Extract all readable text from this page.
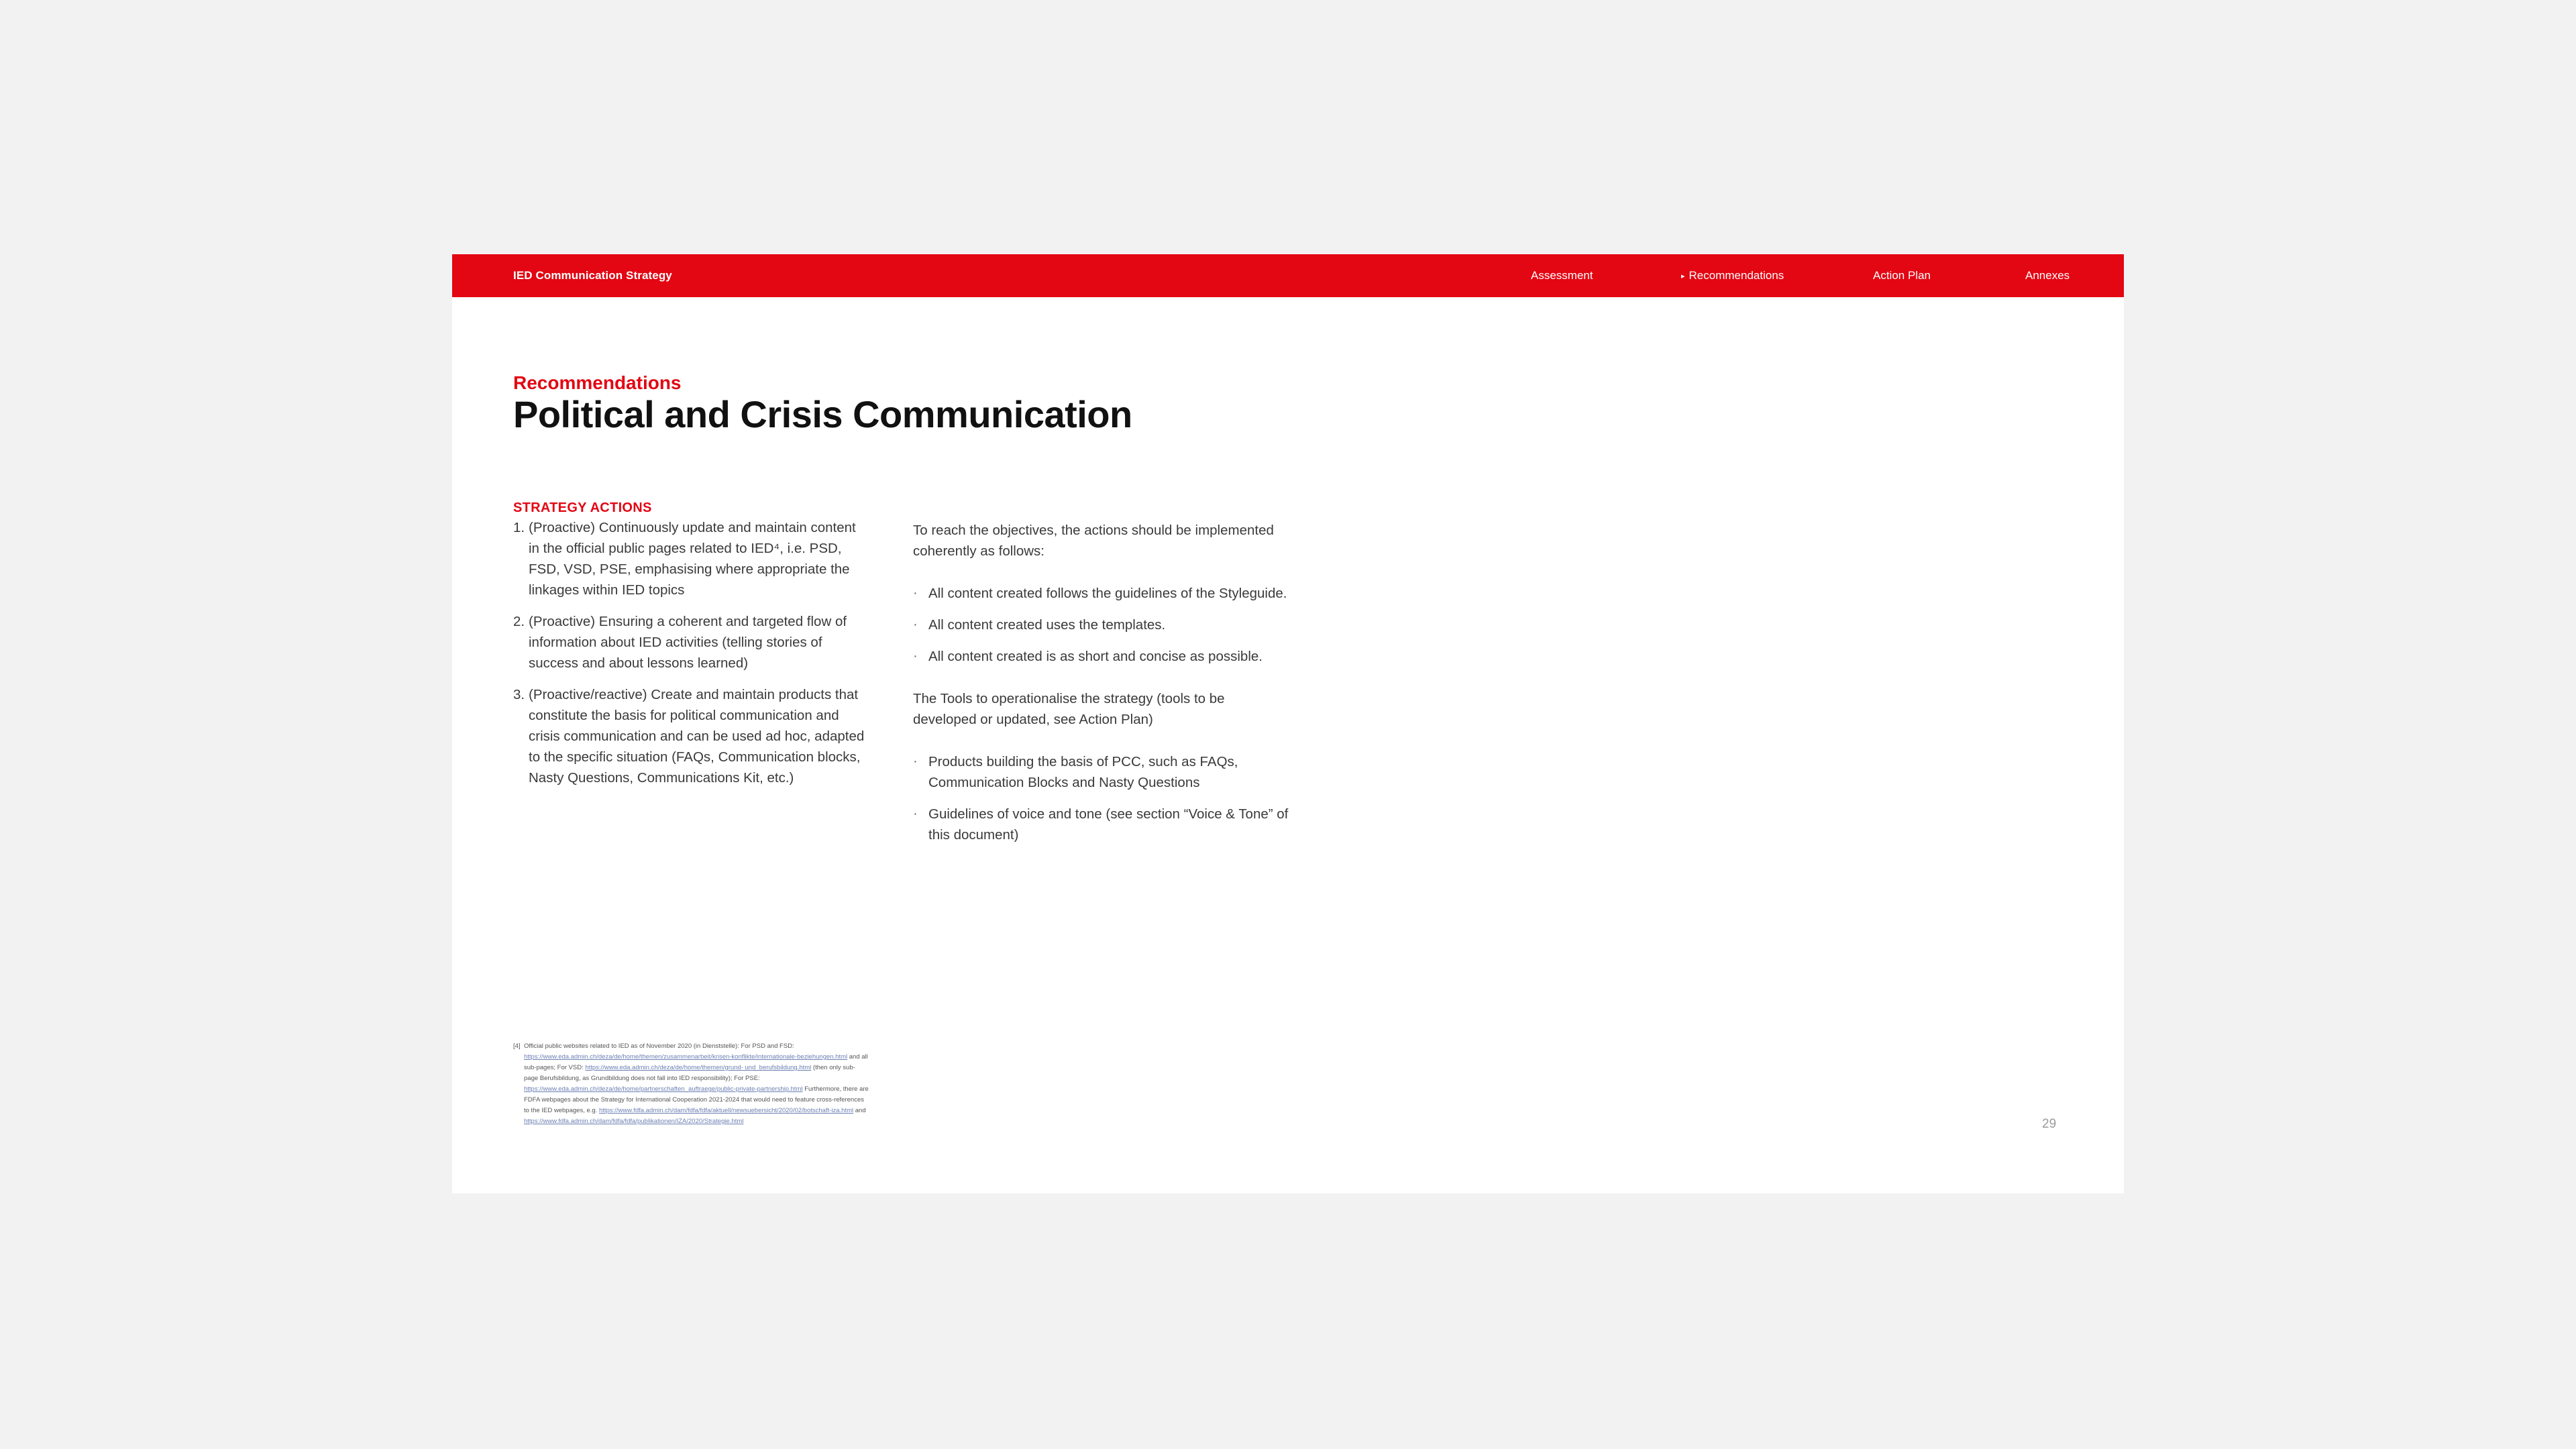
IED Communication Strategy	Assessment	▸ Recommendations	Action Plan	Annexes
Recommendations
Political and Crisis Communication
STRATEGY ACTIONS
1. (Proactive) Continuously update and maintain content in the official public pages related to IED⁴, i.e. PSD, FSD, VSD, PSE, emphasising where appropriate the linkages within IED topics
2. (Proactive) Ensuring a coherent and targeted flow of information about IED activities (telling stories of success and about lessons learned)
3. (Proactive/reactive) Create and maintain products that constitute the basis for political communication and crisis communication and can be used ad hoc, adapted to the specific situation (FAQs, Communication blocks, Nasty Questions, Communications Kit, etc.)

To reach the objectives, the actions should be implemented coherently as follows:

· All content created follows the guidelines of the Styleguide.
· All content created uses the templates.
· All content created is as short and concise as possible.

The Tools to operationalise the strategy (tools to be developed or updated, see Action Plan)

· Products building the basis of PCC, such as FAQs, Communication Blocks and Nasty Questions
· Guidelines of voice and tone (see section “Voice & Tone” of this document)
[4] Official public websites related to IED as of November 2020 (in Dienststelle): For PSD and FSD: https://www.eda.admin.ch/deza/de/home/themen/zusammenarbeit/krisen-konflikte/internationale-beziehungen.html and all sub-pages; For VSD: https://www.eda.admin.ch/deza/de/home/themen/grund- und_berufsbildung.html (then only sub-page Berufsbildung, as Grundbildung does not fall into IED responsibility); For PSE: https://www.eda.admin.ch/deza/de/home/partnerschaften_auftraege/public-private-partnership.html Furthermore, there are FDFA webpages about the Strategy for International Cooperation 2021-2024 that would need to feature cross-references to the IED webpages, e.g. https://www.fdfa.admin.ch/dam/fdfa/fdfa/aktuell/newsuebersicht/2020/02/botschaft-iza.html and https://www.fdfa.admin.ch/dam/fdfa/fdfa/publikationen/IZA/2020/Strategie.html	29
